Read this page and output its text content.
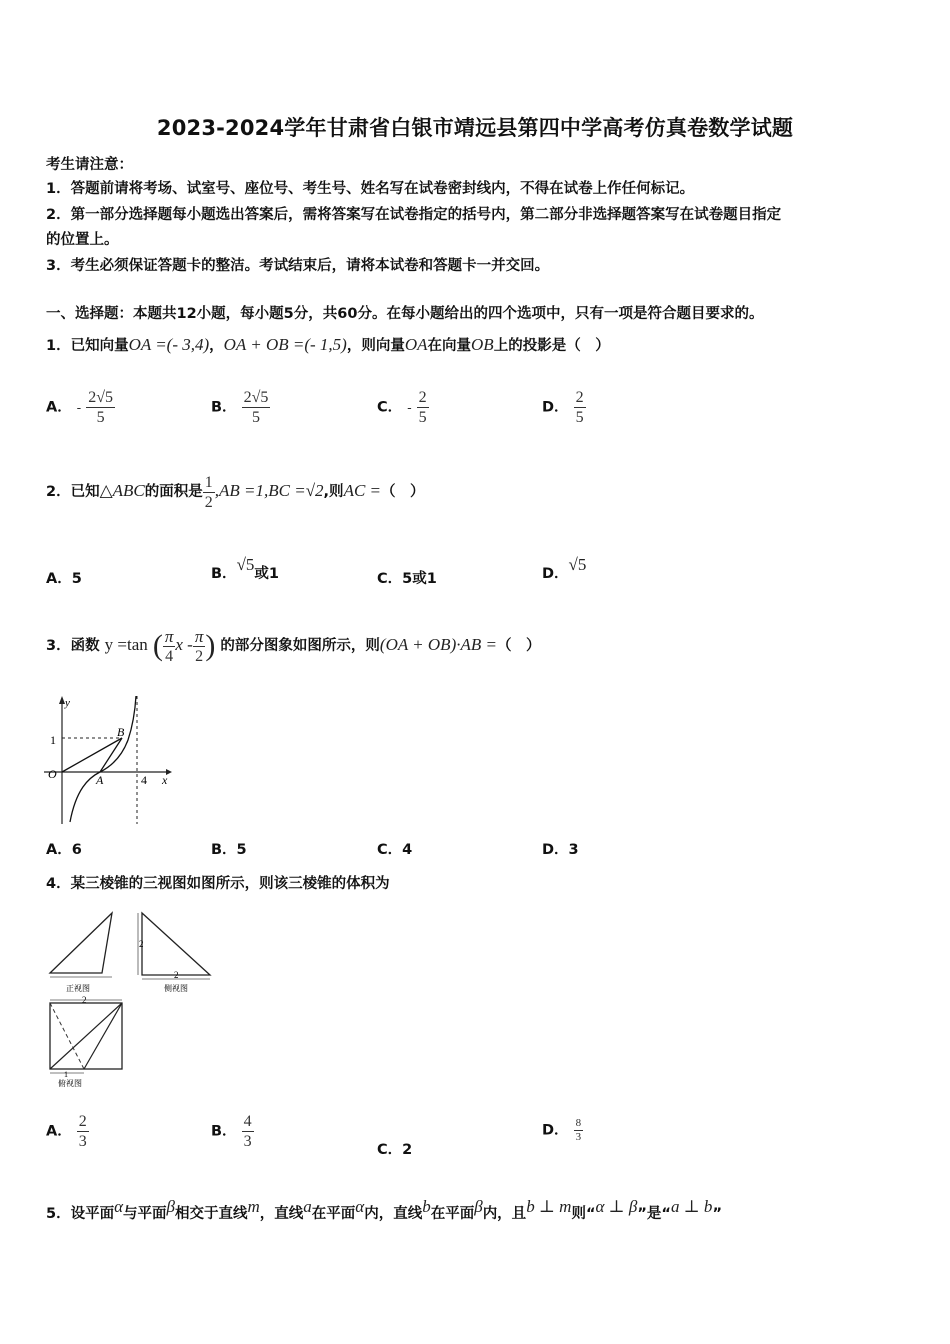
2023-2024学年甘肃省白银市靖远县第四中学高考仿真卷数学试题
考生请注意：
1．答题前请将考场、试室号、座位号、考生号、姓名写在试卷密封线内，不得在试卷上作任何标记。
2．第一部分选择题每小题选出答案后，需将答案写在试卷指定的括号内，第二部分非选择题答案写在试卷题目指定
的位置上。
3．考生必须保证答题卡的整洁。考试结束后，请将本试卷和答题卡一并交回。
一、选择题：本题共12小题，每小题5分，共60分。在每小题给出的四个选项中，只有一项是符合题目要求的。
1．已知向量OA =(- 3,4)，OA + OB =(- 1,5)，则向量OA在向量OB上的投影是（　）
A． - $\frac{2√5}{5}$	B． $\frac{2√5}{5}$	C． - $\frac{2}{5}$	D． $\frac{2}{5}$
2．已知△ABC的面积是 $\frac{1}{2} ,AB =1,BC =√2$,则AC =（　）
A．5	B．√5或1	C．5或1	D．√5
3．函数 y =tan ( $\frac{\pi}{4}$ x - $\frac{\pi}{2}$ ) 的部分图象如图所示，则(OA + OB)·AB =（　）
y
x
1
O	A
B
4
A．6	B．5	C．4	D．3
4．某三棱锥的三视图如图所示，则该三棱锥的体积为
正视图
2
2
侧视图
2
1
俯视图
A． $\frac{2}{3}$	B． $\frac{4}{3}$	C．2
D． $\frac{8}{3}$
5．设平面α与平面β相交于直线m，直线a在平面α内，直线b在平面β内，且b ⊥ m则“α ⊥ β”是“a ⊥ b”
